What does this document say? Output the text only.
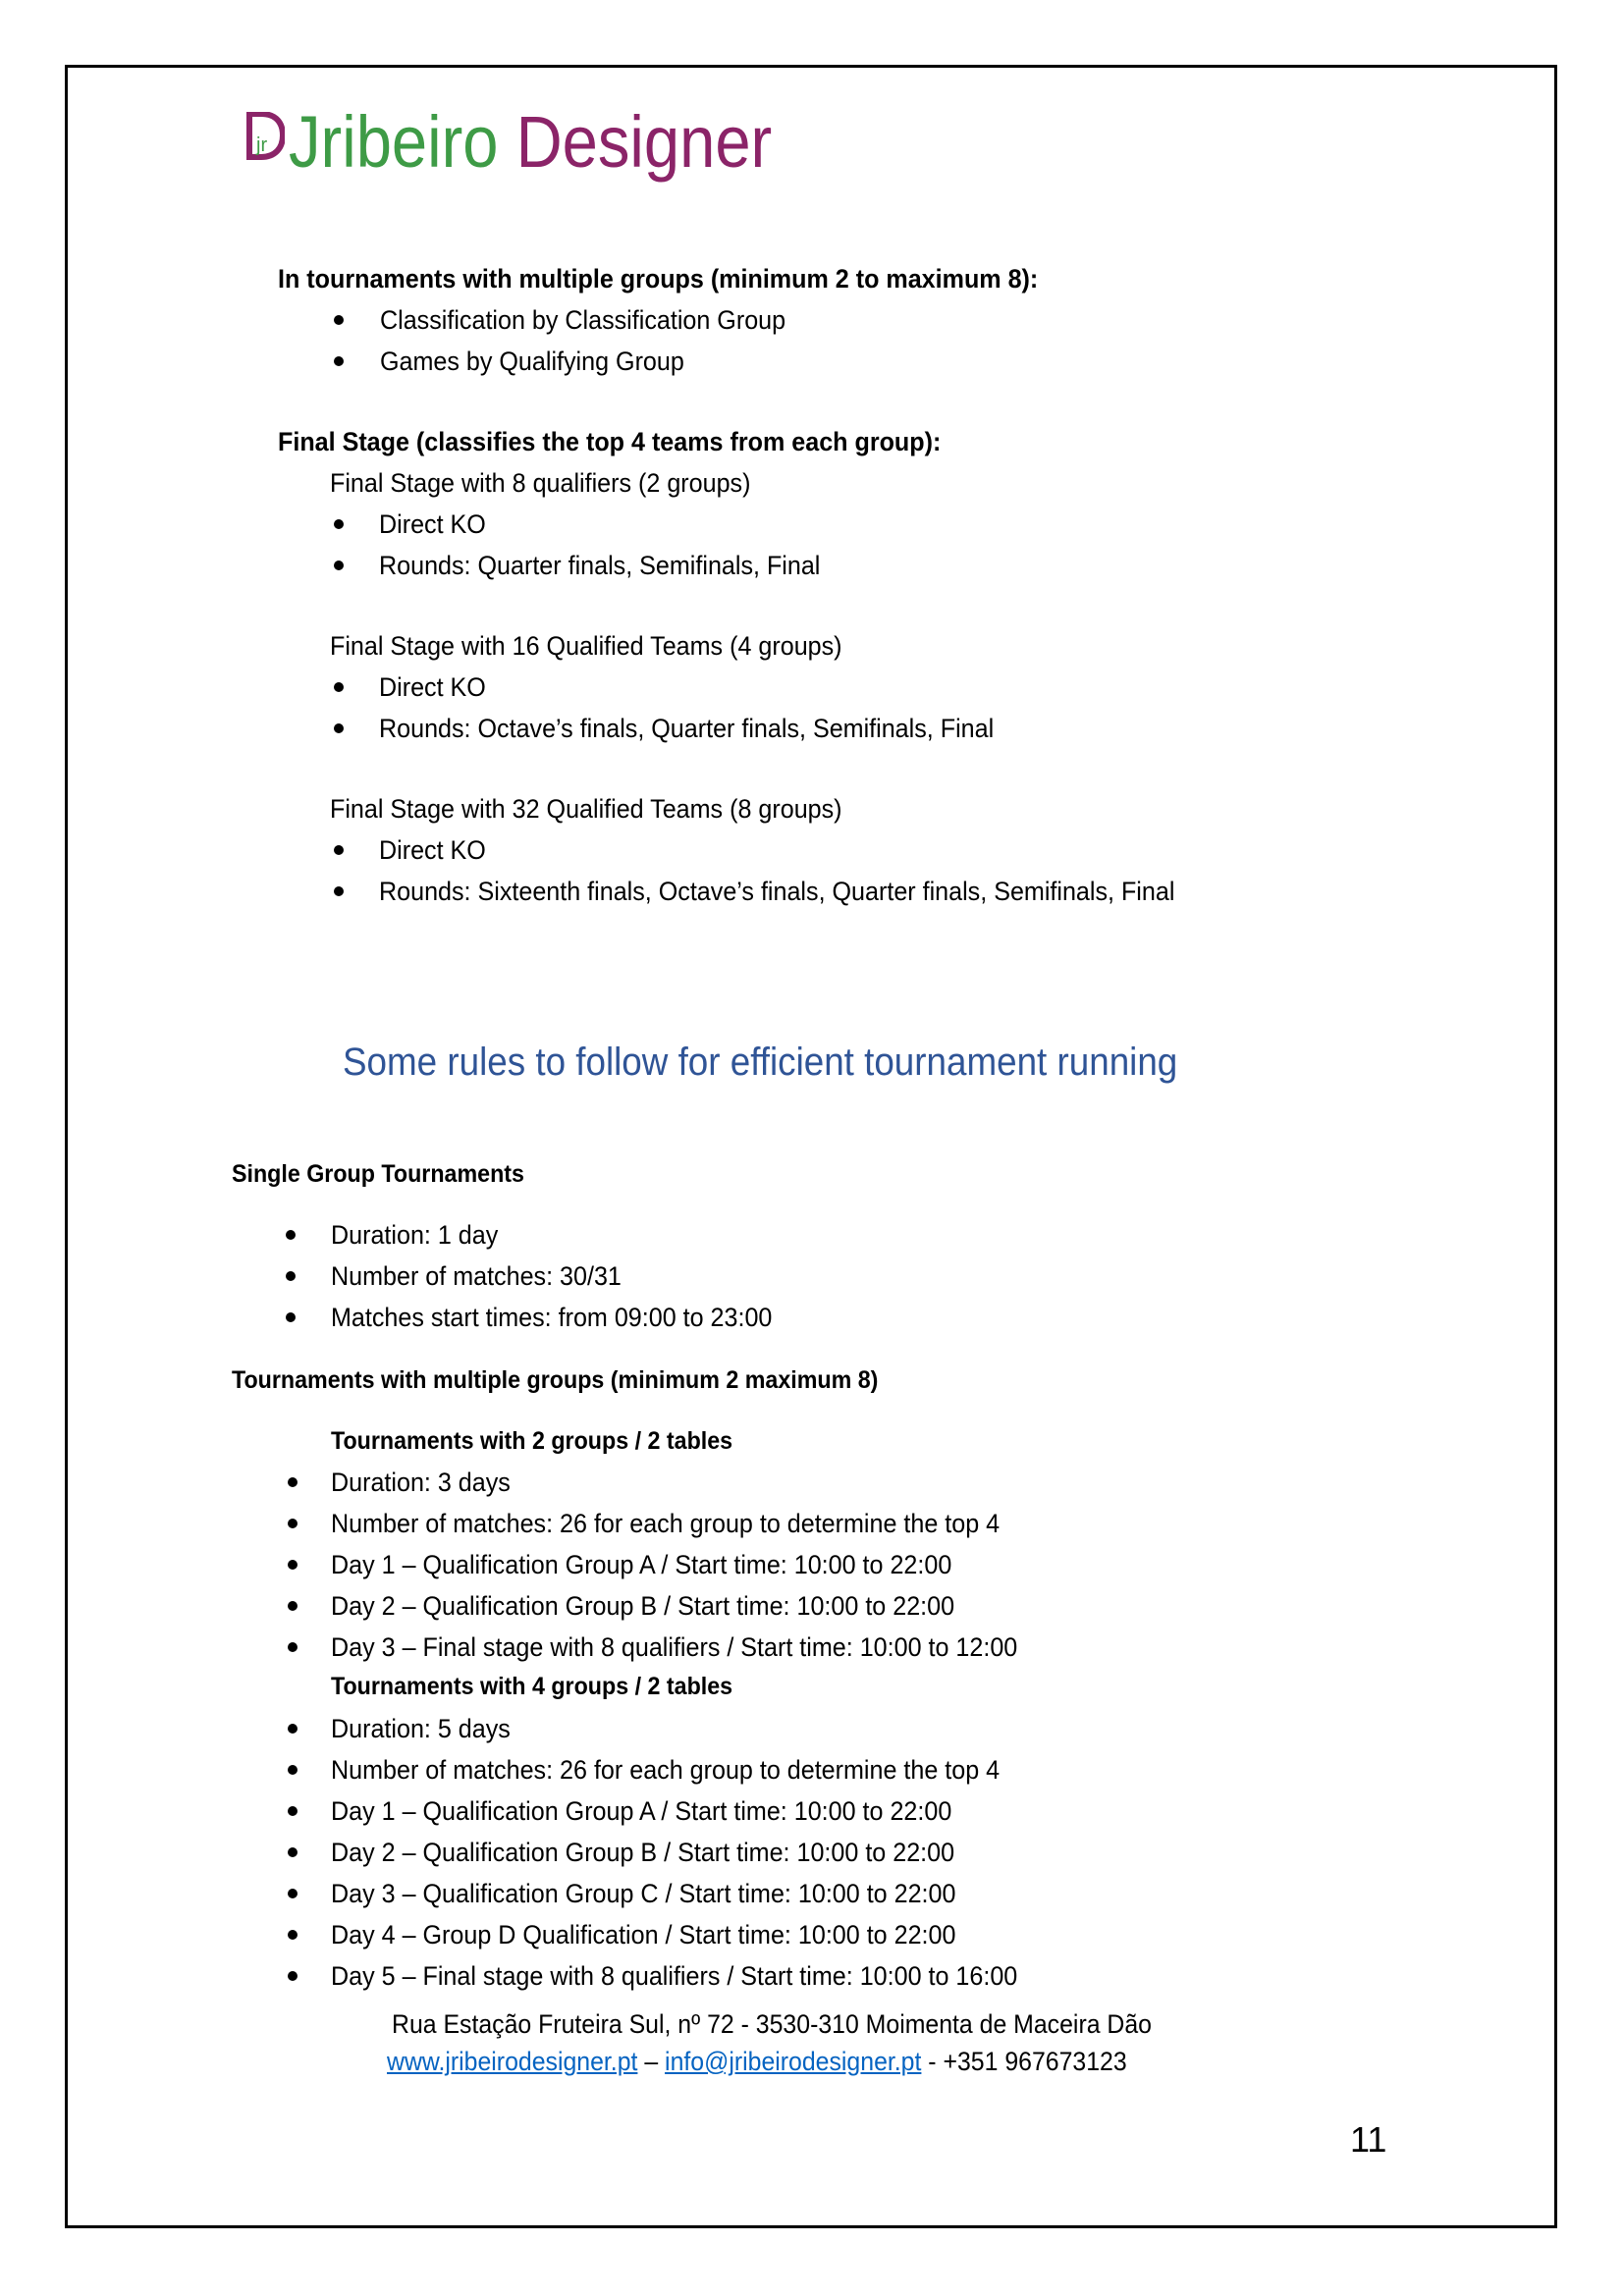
jr Jribeiro Designer
In tournaments with multiple groups (minimum 2 to maximum 8):
Classification by Classification Group
Games by Qualifying Group
Final Stage (classifies the top 4 teams from each group):
Final Stage with 8 qualifiers (2 groups)
Direct KO
Rounds: Quarter finals, Semifinals, Final
Final Stage with 16 Qualified Teams (4 groups)
Direct KO
Rounds: Octave’s finals, Quarter finals, Semifinals, Final
Final Stage with 32 Qualified Teams (8 groups)
Direct KO
Rounds: Sixteenth finals, Octave’s finals, Quarter finals, Semifinals, Final
Some rules to follow for efficient tournament running
Single Group Tournaments
Duration: 1 day
Number of matches: 30/31
Matches start times: from 09:00 to 23:00
Tournaments with multiple groups (minimum 2 maximum 8)
Tournaments with 2 groups / 2 tables
Duration: 3 days
Number of matches: 26 for each group to determine the top 4
Day 1 – Qualification Group A / Start time: 10:00 to 22:00
Day 2 – Qualification Group B / Start time: 10:00 to 22:00
Day 3 – Final stage with 8 qualifiers / Start time: 10:00 to 12:00
Tournaments with 4 groups / 2 tables
Duration: 5 days
Number of matches: 26 for each group to determine the top 4
Day 1 – Qualification Group A / Start time: 10:00 to 22:00
Day 2 – Qualification Group B / Start time: 10:00 to 22:00
Day 3 – Qualification Group C / Start time: 10:00 to 22:00
Day 4 – Group D Qualification / Start time: 10:00 to 22:00
Day 5 – Final stage with 8 qualifiers / Start time: 10:00 to 16:00
Rua Estação Fruteira Sul, nº 72 - 3530-310 Moimenta de Maceira Dão
www.jribeirodesigner.pt – info@jribeirodesigner.pt - +351 967673123
11
